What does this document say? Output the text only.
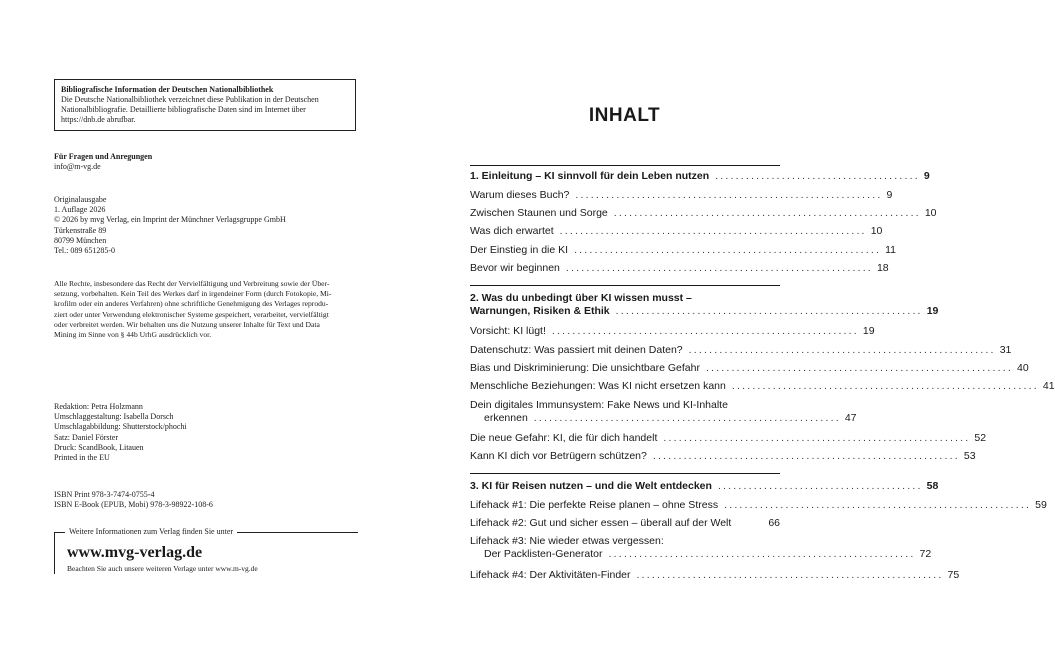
Bibliografische Information der Deutschen Nationalbibliothek
Die Deutsche Nationalbibliothek verzeichnet diese Publikation in der Deutschen
Nationalbibliografie. Detaillierte bibliografische Daten sind im Internet über
https://dnb.de abrufbar.
Für Fragen und Anregungen
info@m-vg.de
Originalausgabe
1. Auflage 2026
© 2026 by mvg Verlag, ein Imprint der Münchner Verlagsgruppe GmbH
Türkenstraße 89
80799 München
Tel.: 089 651285-0
Alle Rechte, insbesondere das Recht der Vervielfältigung und Verbreitung sowie der Über-
setzung, vorbehalten. Kein Teil des Werkes darf in irgendeiner Form (durch Fotokopie, Mi-
krofilm oder ein anderes Verfahren) ohne schriftliche Genehmigung des Verlages reprodu-
ziert oder unter Verwendung elektronischer Systeme gespeichert, verarbeitet, vervielfältigt
oder verbreitet werden. Wir behalten uns die Nutzung unserer Inhalte für Text und Data
Mining im Sinne von § 44b UrhG ausdrücklich vor.
Redaktion: Petra Holzmann
Umschlaggestaltung: Isabella Dorsch
Umschlagabbildung: Shutterstock/phochi
Satz: Daniel Förster
Druck: ScandBook, Litauen
Printed in the EU
ISBN Print 978-3-7474-0755-4
ISBN E-Book (EPUB, Mobi) 978-3-98922-108-6
Weitere Informationen zum Verlag finden Sie unter
www.mvg-verlag.de
Beachten Sie auch unsere weiteren Verlage unter www.m-vg.de
INHALT
1. Einleitung – KI sinnvoll für dein Leben nutzen ........................................ 9
Warum dieses Buch? ............................................................ 9
Zwischen Staunen und Sorge ............................................................ 10
Was dich erwartet ............................................................ 10
Der Einstieg in die KI ............................................................ 11
Bevor wir beginnen ............................................................ 18
2. Was du unbedingt über KI wissen musst –
Warnungen, Risiken & Ethik ............................................................ 19
Vorsicht: KI lügt! ............................................................ 19
Datenschutz: Was passiert mit deinen Daten? ............................................................ 31
Bias und Diskriminierung: Die unsichtbare Gefahr ............................................................ 40
Menschliche Beziehungen: Was KI nicht ersetzen kann ............................................................ 41
Dein digitales Immunsystem: Fake News und KI-Inhalte
erkennen ............................................................ 47
Die neue Gefahr: KI, die für dich handelt ............................................................ 52
Kann KI dich vor Betrügern schützen? ............................................................ 53
3. KI für Reisen nutzen – und die Welt entdecken ........................................ 58
Lifehack #1: Die perfekte Reise planen – ohne Stress ............................................................ 59
Lifehack #2: Gut und sicher essen – überall auf der Welt	66
Lifehack #3: Nie wieder etwas vergessen:
Der Packlisten-Generator ............................................................ 72
Lifehack #4: Der Aktivitäten-Finder ............................................................ 75
